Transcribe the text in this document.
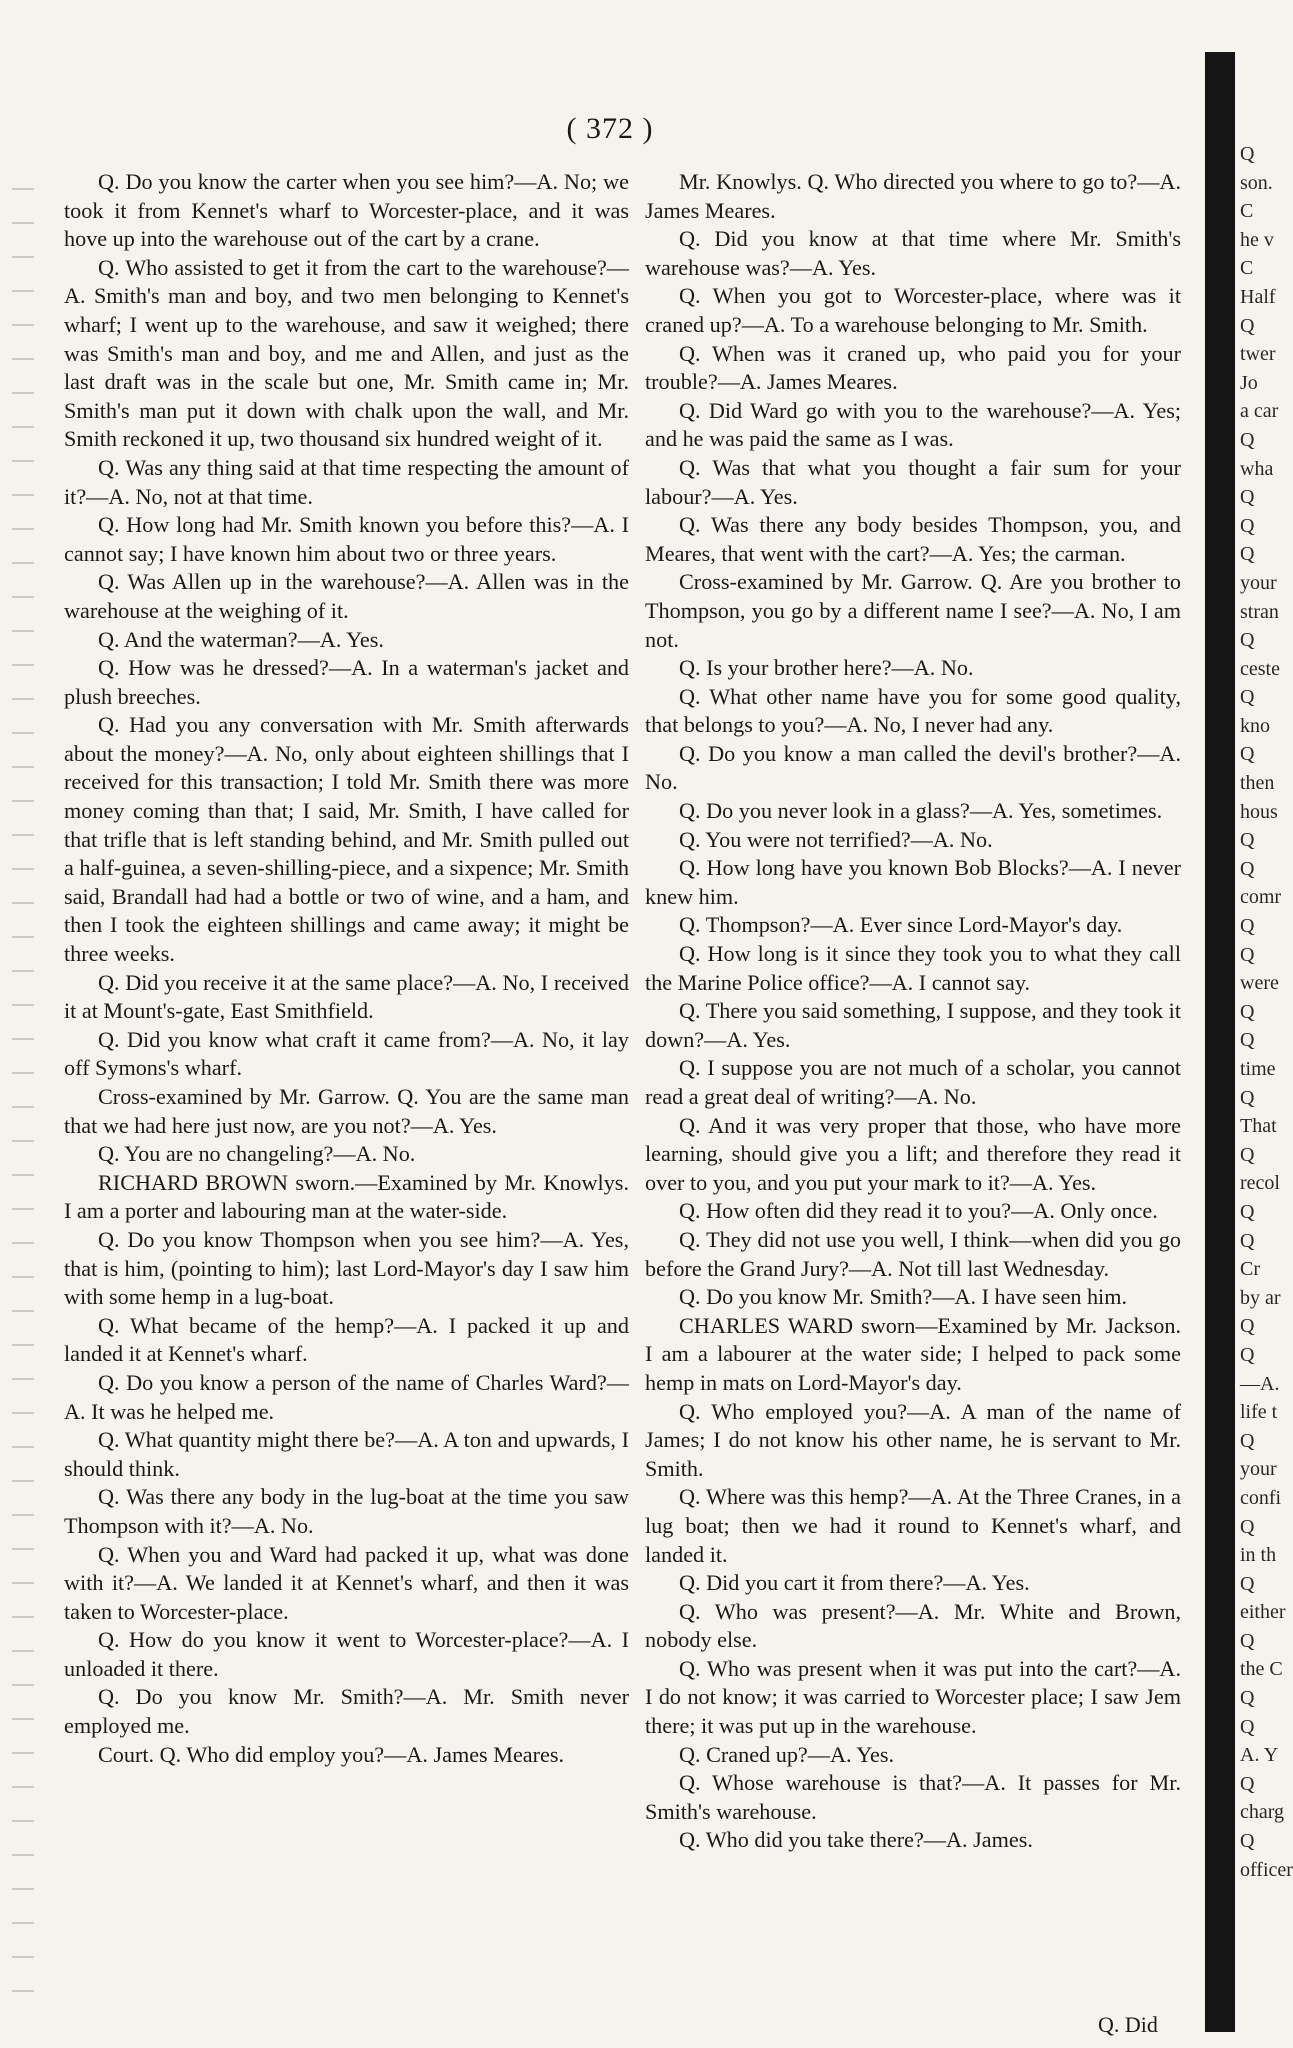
( 372 )

Q. Do you know the carter when you see him?—A. No; we took it from Kennet's wharf to Worcester-place, and it was hove up into the warehouse out of the cart by a crane.

Q. Who assisted to get it from the cart to the warehouse?—A. Smith's man and boy, and two men belonging to Kennet's wharf; I went up to the warehouse, and saw it weighed; there was Smith's man and boy, and me and Allen, and just as the last draft was in the scale but one, Mr. Smith came in; Mr. Smith's man put it down with chalk upon the wall, and Mr. Smith reckoned it up, two thousand six hundred weight of it.

Q. Was any thing said at that time respecting the amount of it?—A. No, not at that time.

Q. How long had Mr. Smith known you before this?—A. I cannot say; I have known him about two or three years.

Q. Was Allen up in the warehouse?—A. Allen was in the warehouse at the weighing of it.

Q. And the waterman?—A. Yes.

Q. How was he dressed?—A. In a waterman's jacket and plush breeches.

Q. Had you any conversation with Mr. Smith afterwards about the money?—A. No, only about eighteen shillings that I received for this transaction; I told Mr. Smith there was more money coming than that; I said, Mr. Smith, I have called for that trifle that is left standing behind, and Mr. Smith pulled out a half-guinea, a seven-shilling-piece, and a sixpence; Mr. Smith said, Brandall had had a bottle or two of wine, and a ham, and then I took the eighteen shillings and came away; it might be three weeks.

Q. Did you receive it at the same place?—A. No, I received it at Mount's-gate, East Smithfield.

Q. Did you know what craft it came from?—A. No, it lay off Symons's wharf.

Cross-examined by Mr. Garrow. Q. You are the same man that we had here just now, are you not?—A. Yes.

Q. You are no changeling?—A. No.

RICHARD BROWN sworn.—Examined by Mr. Knowlys. I am a porter and labouring man at the water-side.

Q. Do you know Thompson when you see him?—A. Yes, that is him, (pointing to him); last Lord-Mayor's day I saw him with some hemp in a lug-boat.

Q. What became of the hemp?—A. I packed it up and landed it at Kennet's wharf.

Q. Do you know a person of the name of Charles Ward?—A. It was he helped me.

Q. What quantity might there be?—A. A ton and upwards, I should think.

Q. Was there any body in the lug-boat at the time you saw Thompson with it?—A. No.

Q. When you and Ward had packed it up, what was done with it?—A. We landed it at Kennet's wharf, and then it was taken to Worcester-place.

Q. How do you know it went to Worcester-place?—A. I unloaded it there.

Q. Do you know Mr. Smith?—A. Mr. Smith never employed me.

Court. Q. Who did employ you?—A. James Meares.

Mr. Knowlys. Q. Who directed you where to go to?—A. James Meares.

Q. Did you know at that time where Mr. Smith's warehouse was?—A. Yes.

Q. When you got to Worcester-place, where was it craned up?—A. To a warehouse belonging to Mr. Smith.

Q. When was it craned up, who paid you for your trouble?—A. James Meares.

Q. Did Ward go with you to the warehouse?—A. Yes; and he was paid the same as I was.

Q. Was that what you thought a fair sum for your labour?—A. Yes.

Q. Was there any body besides Thompson, you, and Meares, that went with the cart?—A. Yes; the carman.

Cross-examined by Mr. Garrow. Q. Are you brother to Thompson, you go by a different name I see?—A. No, I am not.

Q. Is your brother here?—A. No.

Q. What other name have you for some good quality, that belongs to you?—A. No, I never had any.

Q. Do you know a man called the devil's brother?—A. No.

Q. Do you never look in a glass?—A. Yes, sometimes.

Q. You were not terrified?—A. No.

Q. How long have you known Bob Blocks?—A. I never knew him.

Q. Thompson?—A. Ever since Lord-Mayor's day.

Q. How long is it since they took you to what they call the Marine Police office?—A. I cannot say.

Q. There you said something, I suppose, and they took it down?—A. Yes.

Q. I suppose you are not much of a scholar, you cannot read a great deal of writing?—A. No.

Q. And it was very proper that those, who have more learning, should give you a lift; and therefore they read it over to you, and you put your mark to it?—A. Yes.

Q. How often did they read it to you?—A. Only once.

Q. They did not use you well, I think—when did you go before the Grand Jury?—A. Not till last Wednesday.

Q. Do you know Mr. Smith?—A. I have seen him.

CHARLES WARD sworn—Examined by Mr. Jackson. I am a labourer at the water side; I helped to pack some hemp in mats on Lord-Mayor's day.

Q. Who employed you?—A. A man of the name of James; I do not know his other name, he is servant to Mr. Smith.

Q. Where was this hemp?—A. At the Three Cranes, in a lug boat; then we had it round to Kennet's wharf, and landed it.

Q. Did you cart it from there?—A. Yes.

Q. Who was present?—A. Mr. White and Brown, nobody else.

Q. Who was present when it was put into the cart?—A. I do not know; it was carried to Worcester place; I saw Jem there; it was put up in the warehouse.

Q. Craned up?—A. Yes.

Q. Whose warehouse is that?—A. It passes for Mr. Smith's warehouse.

Q. Who did you take there?—A. James.

Q. Did
Q
son.
C
he v
C
Half
Q
twer
Jo
a car
Q
wha
Q
Q
Q
your
stran
Q
ceste
Q
kno
Q
then
hous
Q
Q
comr
Q
Q
were
Q
Q
time
Q
That
Q
recol
Q
Q
Cr
by ar
Q
Q
—A.
life t
Q
your
confi
Q
in th
Q
either
Q
the C
Q
Q
A. Y
Q
charg
Q
officer
